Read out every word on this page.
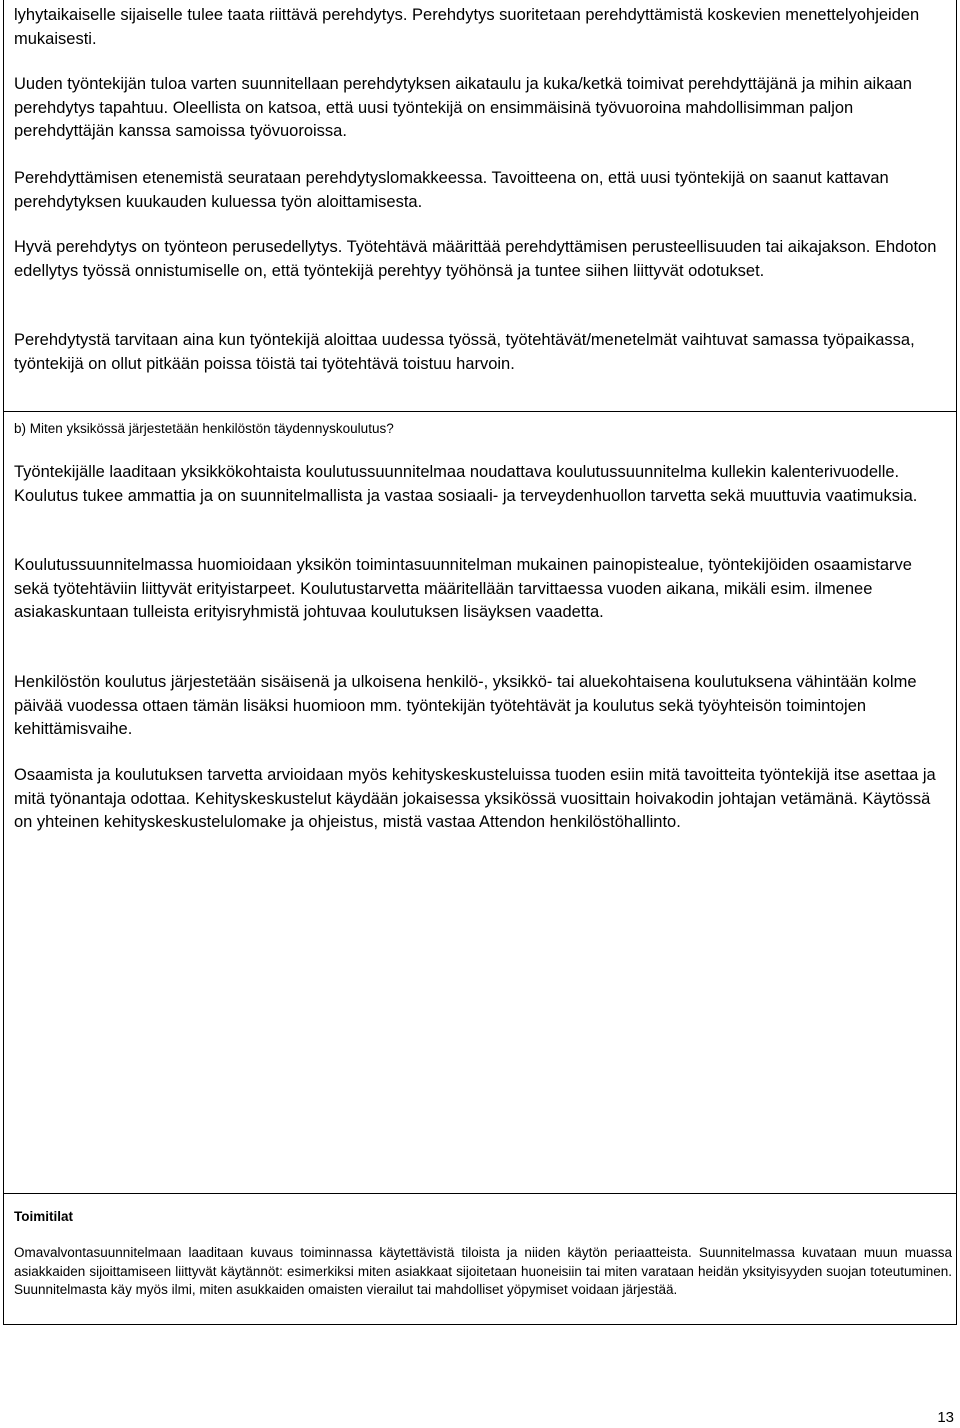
lyhytaikaiselle sijaiselle tulee taata riittävä perehdytys. Perehdytys suoritetaan perehdyttämistä koskevien menettelyohjeiden mukaisesti.

Uuden työntekijän tuloa varten suunnitellaan perehdytyksen aikataulu ja kuka/ketkä toimivat perehdyttäjänä ja mihin aikaan perehdytys tapahtuu. Oleellista on katsoa, että uusi työntekijä on ensimmäisinä työvuoroina mahdollisimman paljon perehdyttäjän kanssa samoissa työvuoroissa.

Perehdyttämisen etenemistä seurataan perehdytyslomakkeessa. Tavoitteena on, että uusi työntekijä on saanut kattavan perehdytyksen kuukauden kuluessa työn aloittamisesta.

Hyvä perehdytys on työnteon perusedellytys. Työtehtävä määrittää perehdyttämisen perusteellisuuden tai aikajakson. Ehdoton edellytys työssä onnistumiselle on, että työntekijä perehtyy työhönsä ja tuntee siihen liittyvät odotukset.

Perehdytystä tarvitaan aina kun työntekijä aloittaa uudessa työssä, työtehtävät/menetelmät vaihtuvat samassa työpaikassa, työntekijä on ollut pitkään poissa töistä tai työtehtävä toistuu harvoin.

b) Miten yksikössä järjestetään henkilöstön täydennyskoulutus?

Työntekijälle laaditaan yksikkökohtaista koulutussuunnitelmaa noudattava koulutussuunnitelma kullekin kalenterivuodelle. Koulutus tukee ammattia ja on suunnitelmallista ja vastaa sosiaali- ja terveydenhuollon tarvetta sekä muuttuvia vaatimuksia.

Koulutussuunnitelmassa huomioidaan yksikön toimintasuunnitelman mukainen painopistealue, työntekijöiden osaamistarve sekä työtehtäviin liittyvät erityistarpeet. Koulutustarvetta määritellään tarvittaessa vuoden aikana, mikäli esim. ilmenee asiakaskuntaan tulleista erityisryhmistä johtuvaa koulutuksen lisäyksen vaadetta.

Henkilöstön koulutus järjestetään sisäisenä ja ulkoisena henkilö-, yksikkö- tai aluekohtaisena koulutuksena vähintään kolme päivää vuodessa ottaen tämän lisäksi huomioon mm. työntekijän työtehtävät ja koulutus sekä työyhteisön toimintojen kehittämisvaihe.

Osaamista ja koulutuksen tarvetta arvioidaan myös kehityskeskusteluissa tuoden esiin mitä tavoitteita työntekijä itse asettaa ja mitä työnantaja odottaa. Kehityskeskustelut käydään jokaisessa yksikössä vuosittain hoivakodin johtajan vetämänä. Käytössä on yhteinen kehityskeskustelulomake ja ohjeistus, mistä vastaa Attendon henkilöstöhallinto.

Toimitilat

Omavalvontasuunnitelmaan laaditaan kuvaus toiminnassa käytettävistä tiloista ja niiden käytön periaatteista. Suunnitelmassa kuvataan muun muassa asiakkaiden sijoittamiseen liittyvät käytännöt: esimerkiksi miten asiakkaat sijoitetaan huoneisiin tai miten varataan heidän yksityisyyden suojan toteutuminen. Suunnitelmasta käy myös ilmi, miten asukkaiden omaisten vierailut tai mahdolliset yöpymiset voidaan järjestää.

13
